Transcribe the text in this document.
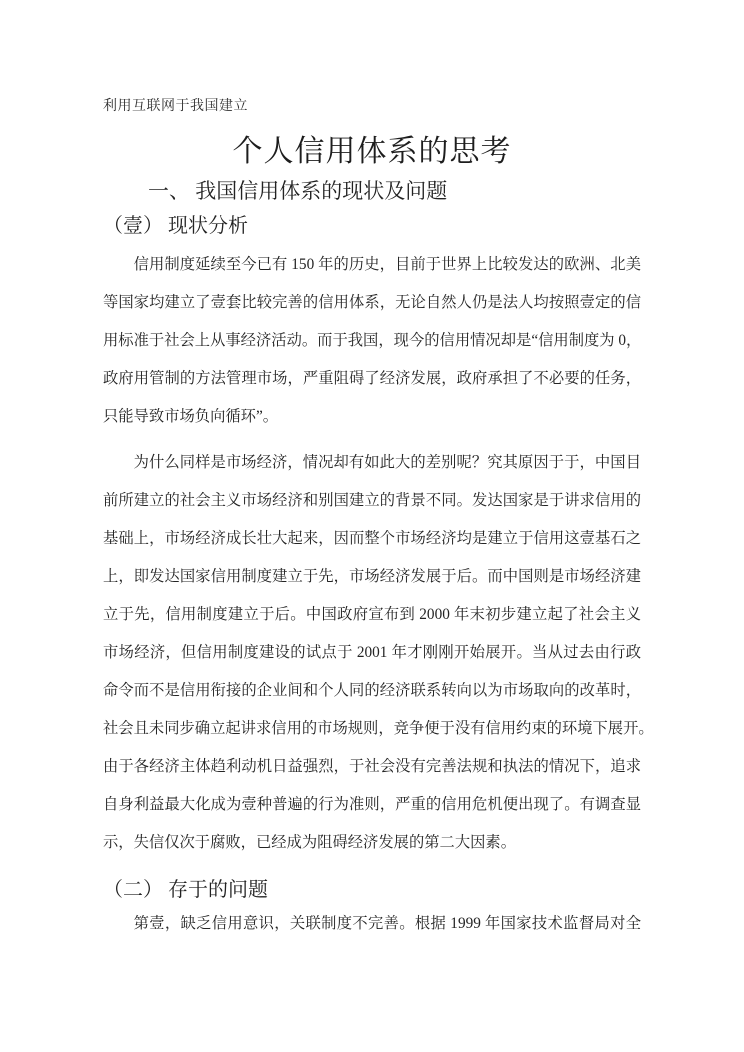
利用互联网于我国建立
个人信用体系的思考
一、 我国信用体系的现状及问题
（壹） 现状分析
信用制度延续至今已有 150 年的历史，目前于世界上比较发达的欧洲、北美
等国家均建立了壹套比较完善的信用体系，无论自然人仍是法人均按照壹定的信
用标准于社会上从事经济活动。而于我国，现今的信用情况却是“信用制度为 0，
政府用管制的方法管理市场，严重阻碍了经济发展，政府承担了不必要的任务，
只能导致市场负向循环”。
为什么同样是市场经济，情况却有如此大的差别呢？究其原因于于，中国目
前所建立的社会主义市场经济和别国建立的背景不同。发达国家是于讲求信用的
基础上，市场经济成长壮大起来，因而整个市场经济均是建立于信用这壹基石之
上，即发达国家信用制度建立于先，市场经济发展于后。而中国则是市场经济建
立于先，信用制度建立于后。中国政府宣布到 2000 年末初步建立起了社会主义
市场经济，但信用制度建设的试点于 2001 年才刚刚开始展开。当从过去由行政
命令而不是信用衔接的企业间和个人同的经济联系转向以为市场取向的改革时，
社会且未同步确立起讲求信用的市场规则，竞争便于没有信用约束的环境下展开。
由于各经济主体趋利动机日益强烈，于社会没有完善法规和执法的情况下，追求
自身利益最大化成为壹种普遍的行为准则，严重的信用危机便出现了。有调查显
示，失信仅次于腐败，已经成为阻碍经济发展的第二大因素。
（二） 存于的问题
第壹，缺乏信用意识，关联制度不完善。根据 1999 年国家技术监督局对全
